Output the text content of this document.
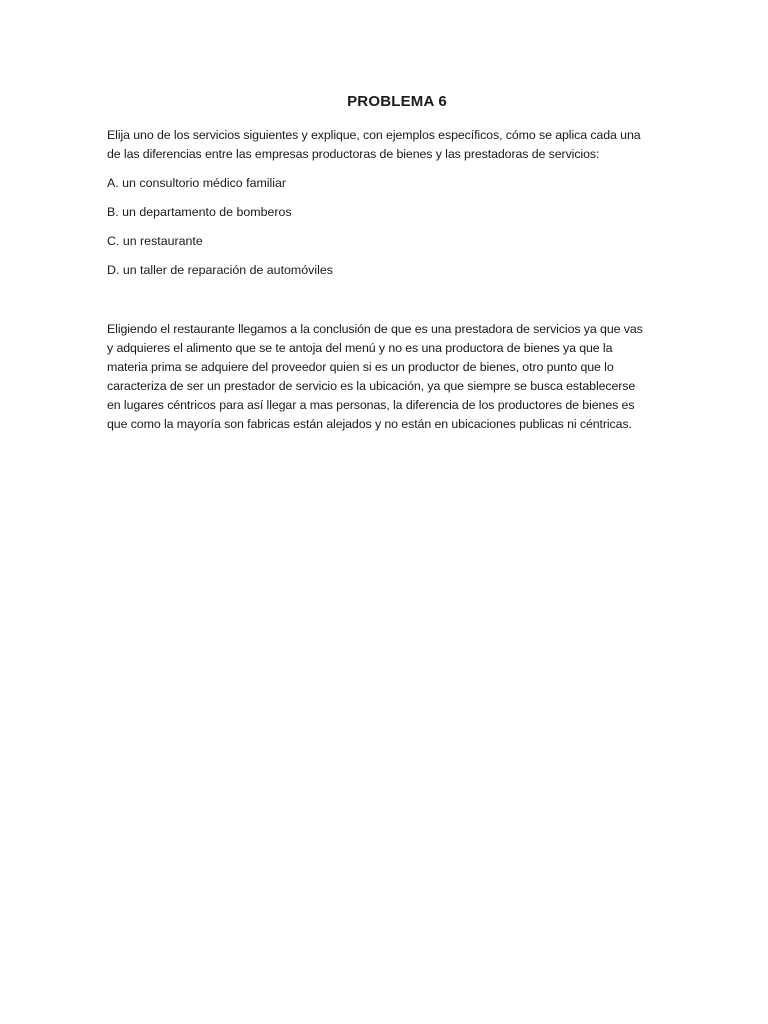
PROBLEMA 6

Elija uno de los servicios siguientes y explique, con ejemplos específicos, cómo se aplica cada una

de las diferencias entre las empresas productoras de bienes y las prestadoras de servicios:

A. un consultorio médico familiar
B. un departamento de bomberos
C. un restaurante
D. un taller de reparación de automóviles

Eligiendo el restaurante llegamos a la conclusión de que es una prestadora de servicios ya que vas

y adquieres el alimento que se te antoja del menú y no es una productora de bienes ya que la

materia prima se adquiere del proveedor quien si es un productor de bienes, otro punto que lo

caracteriza de ser un prestador de servicio es la ubicación, ya que siempre se busca establecerse

en lugares céntricos para así llegar a mas personas, la diferencia de los productores de bienes es

que como la mayoría son fabricas están alejados y no están en ubicaciones publicas ni céntricas.
